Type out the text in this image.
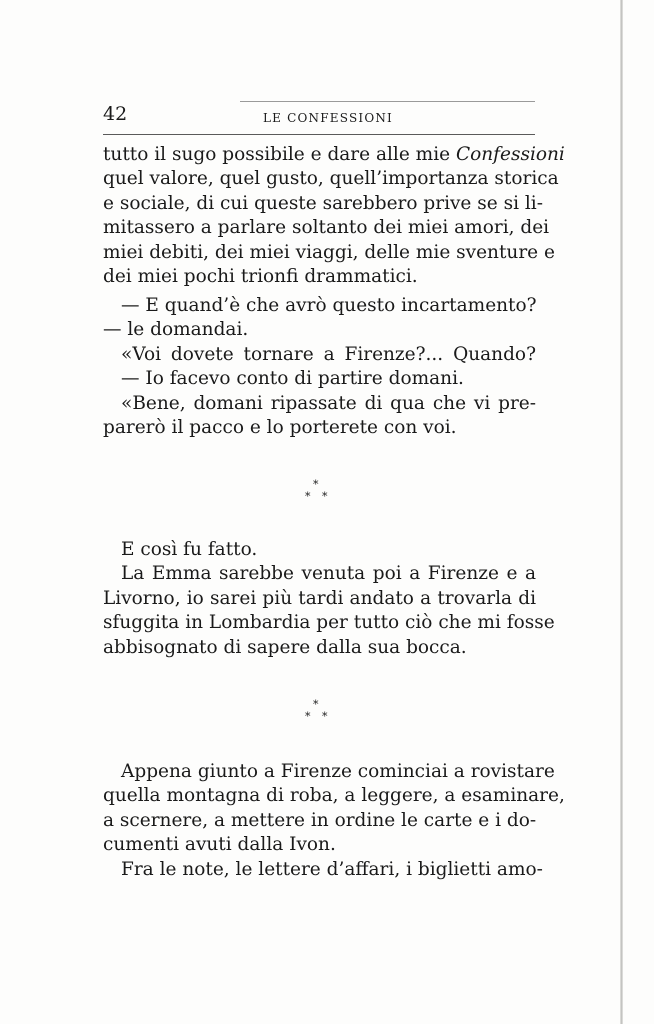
42	LE CONFESSIONI
tutto il sugo possibile e dare alle mie Confessioni
quel valore, quel gusto, quell’importanza storica
e sociale, di cui queste sarebbero prive se si li-
mitassero a parlare soltanto dei miei amori, dei
miei debiti, dei miei viaggi, delle mie sventure e
dei miei pochi trionfi drammatici.
— E quand’è che avrò questo incartamento?
— le domandai.
«Voi dovete tornare a Firenze?... Quando?
— Io facevo conto di partire domani.
«Bene, domani ripassate di qua che vi pre-
parerò il pacco e lo porterete con voi.
*
* *
E così fu fatto.
La Emma sarebbe venuta poi a Firenze e a
Livorno, io sarei più tardi andato a trovarla di
sfuggita in Lombardia per tutto ciò che mi fosse
abbisognato di sapere dalla sua bocca.
*
* *
Appena giunto a Firenze cominciai a rovistare
quella montagna di roba, a leggere, a esaminare,
a scernere, a mettere in ordine le carte e i do-
cumenti avuti dalla Ivon.
Fra le note, le lettere d’affari, i biglietti amo-
